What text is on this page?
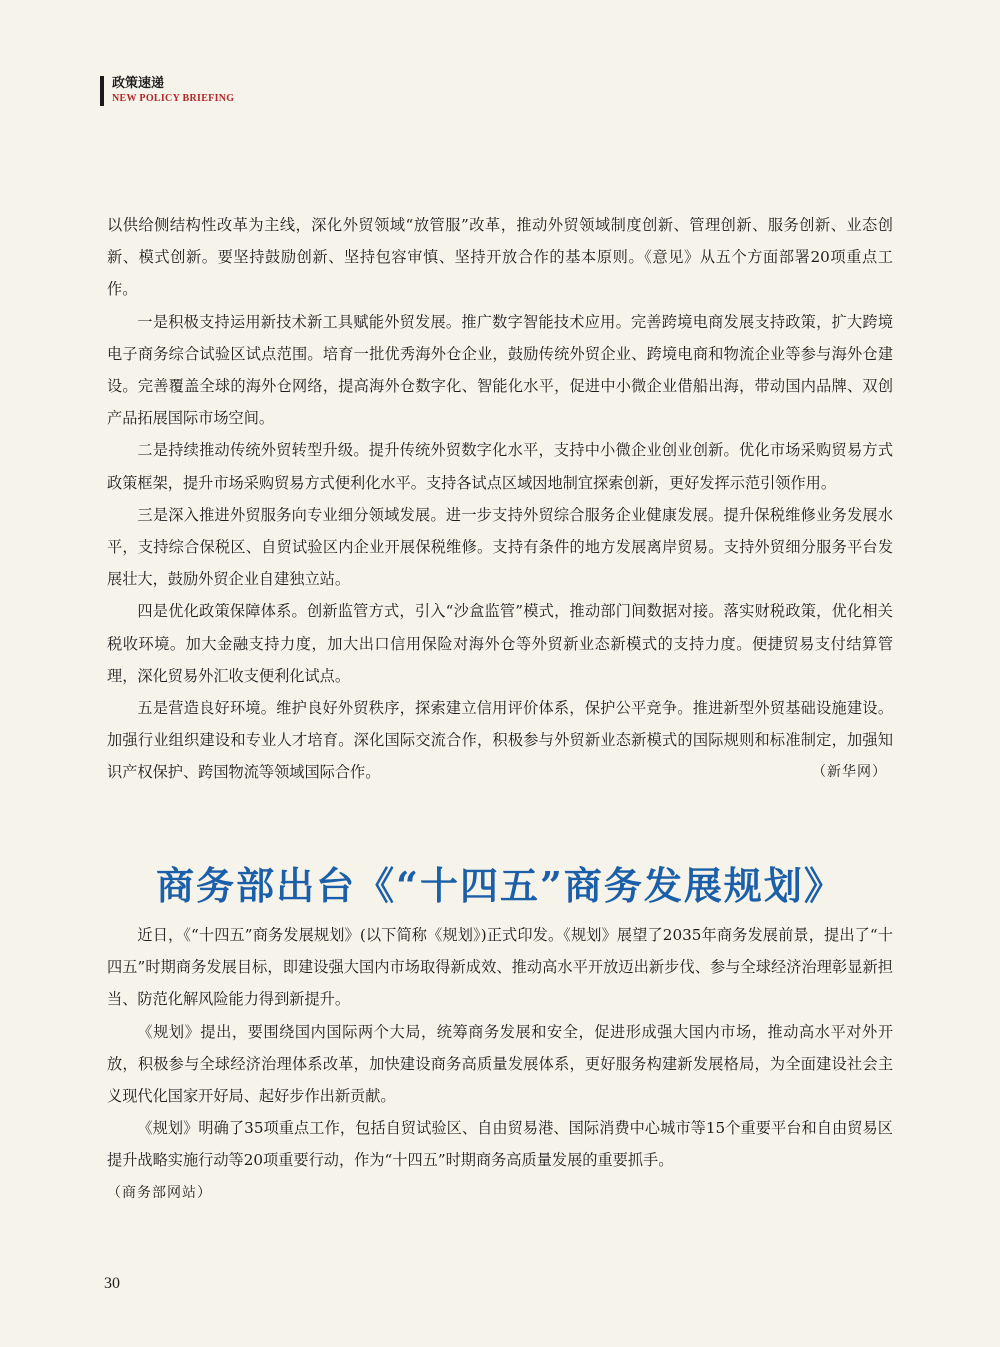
政策速递
NEW POLICY BRIEFING

以供给侧结构性改革为主线，深化外贸领域“放管服”改革，推动外贸领域制度创新、管理创新、服务创新、业态创新、模式创新。要坚持鼓励创新、坚持包容审慎、坚持开放合作的基本原则。《意见》从五个方面部署20项重点工作。

一是积极支持运用新技术新工具赋能外贸发展。推广数字智能技术应用。完善跨境电商发展支持政策，扩大跨境电子商务综合试验区试点范围。培育一批优秀海外仓企业，鼓励传统外贸企业、跨境电商和物流企业等参与海外仓建设。完善覆盖全球的海外仓网络，提高海外仓数字化、智能化水平，促进中小微企业借船出海，带动国内品牌、双创产品拓展国际市场空间。

二是持续推动传统外贸转型升级。提升传统外贸数字化水平，支持中小微企业创业创新。优化市场采购贸易方式政策框架，提升市场采购贸易方式便利化水平。支持各试点区域因地制宜探索创新，更好发挥示范引领作用。

三是深入推进外贸服务向专业细分领域发展。进一步支持外贸综合服务企业健康发展。提升保税维修业务发展水平，支持综合保税区、自贸试验区内企业开展保税维修。支持有条件的地方发展离岸贸易。支持外贸细分服务平台发展壮大，鼓励外贸企业自建独立站。

四是优化政策保障体系。创新监管方式，引入“沙盒监管”模式，推动部门间数据对接。落实财税政策，优化相关税收环境。加大金融支持力度，加大出口信用保险对海外仓等外贸新业态新模式的支持力度。便捷贸易支付结算管理，深化贸易外汇收支便利化试点。

五是营造良好环境。维护良好外贸秩序，探索建立信用评价体系，保护公平竞争。推进新型外贸基础设施建设。加强行业组织建设和专业人才培育。深化国际交流合作，积极参与外贸新业态新模式的国际规则和标准制定，加强知识产权保护、跨国物流等领域国际合作。	（新华网）

商务部出台《“十四五”商务发展规划》

近日，《“十四五”商务发展规划》(以下简称《规划》)正式印发。《规划》展望了2035年商务发展前景，提出了“十四五”时期商务发展目标，即建设强大国内市场取得新成效、推动高水平开放迈出新步伐、参与全球经济治理彰显新担当、防范化解风险能力得到新提升。

《规划》提出，要围绕国内国际两个大局，统筹商务发展和安全，促进形成强大国内市场，推动高水平对外开放，积极参与全球经济治理体系改革，加快建设商务高质量发展体系，更好服务构建新发展格局，为全面建设社会主义现代化国家开好局、起好步作出新贡献。

《规划》明确了35项重点工作，包括自贸试验区、自由贸易港、国际消费中心城市等15个重要平台和自由贸易区提升战略实施行动等20项重要行动，作为“十四五”时期商务高质量发展的重要抓手。

（商务部网站）

30
